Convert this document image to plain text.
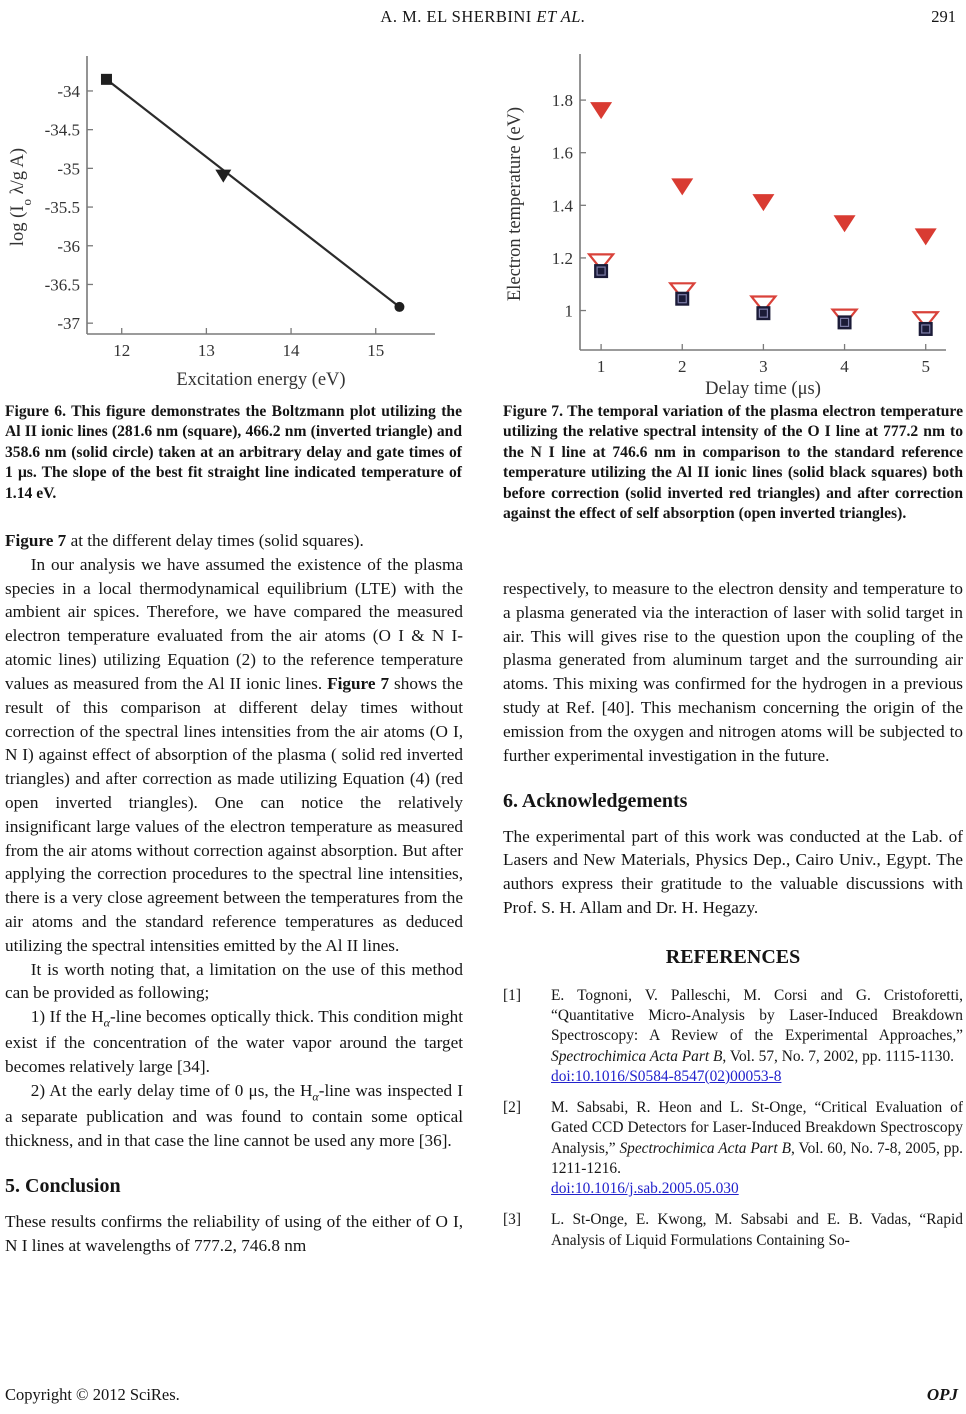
A. M. EL SHERBINI ET AL.	291
12	13	14	15
-34
-34.5
-35
-35.5
-36
-36.5
-37
Excitation energy (eV)
$\log (I_o$ λ/g A)
1	2	3	4	5
1
1.2
1.4
1.6
1.8
Delay time (μs)
Electron temperature (eV)
Figure 6. This figure demonstrates the Boltzmann plot utilizing the Al II ionic lines (281.6 nm (square), 466.2 nm (inverted triangle) and 358.6 nm (solid circle) taken at an arbitrary delay and gate times of 1 μs. The slope of the best fit straight line indicated temperature of 1.14 eV.
Figure 7. The temporal variation of the plasma electron temperature utilizing the relative spectral intensity of the O I line at 777.2 nm to the N I line at 746.6 nm in comparison to the standard reference temperature utilizing the Al II ionic lines (solid black squares) both before correction (solid inverted red triangles) and after correction against the effect of self absorption (open inverted triangles).

Figure 7 at the different delay times (solid squares).

In our analysis we have assumed the existence of the plasma species in a local thermodynamical equilibrium (LTE) with the ambient air spices. Therefore, we have compared the measured electron temperature evaluated from the air atoms (O I & N I-atomic lines) utilizing Equation (2) to the reference temperature values as measured from the Al II ionic lines. Figure 7 shows the result of this comparison at different delay times without correction of the spectral lines intensities from the air atoms (O I, N I) against effect of absorption of the plasma ( solid red inverted triangles) and after correction as made utilizing Equation (4) (red open inverted triangles). One can notice the relatively insignificant large values of the electron temperature as measured from the air atoms without correction against absorption. But after applying the correction procedures to the spectral line intensities, there is a very close agreement between the temperatures from the air atoms and the standard reference temperatures as deduced utilizing the spectral intensities emitted by the Al II lines.

It is worth noting that, a limitation on the use of this method can be provided as following;

1) If the $H_\alpha$-line becomes optically thick. This condition might exist if the concentration of the water vapor around the target becomes relatively large [34].

2) At the early delay time of 0 μs, the $H_\alpha$-line was inspected I a separate publication and was found to contain some optical thickness, and in that case the line cannot be used any more [36].

5. Conclusion

These results confirms the reliability of using of the either of O I, N I lines at wavelengths of 777.2, 746.8 nm

respectively, to measure to the electron density and temperature to a plasma generated via the interaction of laser with solid target in air. This will gives rise to the question upon the coupling of the plasma generated from aluminum target and the surrounding air atoms. This mixing was confirmed for the hydrogen in a previous study at Ref. [40]. This mechanism concerning the origin of the emission from the oxygen and nitrogen atoms will be subjected to further experimental investigation in the future.

6. Acknowledgements

The experimental part of this work was conducted at the Lab. of Lasers and New Materials, Physics Dep., Cairo Univ., Egypt. The authors express their gratitude to the valuable discussions with Prof. S. H. Allam and Dr. H. Hegazy.

REFERENCES
[1] E. Tognoni, V. Palleschi, M. Corsi and G. Cristoforetti, “Quantitative Micro-Analysis by Laser-Induced Breakdown Spectroscopy: A Review of the Experimental Approaches,” Spectrochimica Acta Part B, Vol. 57, No. 7, 2002, pp. 1115-1130.
doi:10.1016/S0584-8547(02)00053-8
[2] M. Sabsabi, R. Heon and L. St-Onge, “Critical Evaluation of Gated CCD Detectors for Laser-Induced Breakdown Spectroscopy Analysis,” Spectrochimica Acta Part B, Vol. 60, No. 7-8, 2005, pp. 1211-1216.
doi:10.1016/j.sab.2005.05.030
[3] L. St-Onge, E. Kwong, M. Sabsabi and E. B. Vadas, “Rapid Analysis of Liquid Formulations Containing So-
Copyright © 2012 SciRes.	OPJ
